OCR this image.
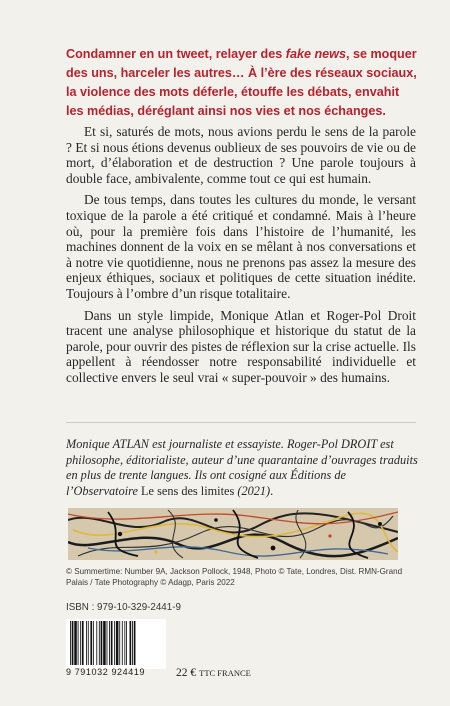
Condamner en un tweet, relayer des fake news, se moquer des uns, harceler les autres… À l’ère des réseaux sociaux, la violence des mots déferle, étouffe les débats, envahit les médias, déréglant ainsi nos vies et nos échanges.

Et si, saturés de mots, nous avions perdu le sens de la parole ? Et si nous étions devenus oublieux de ses pouvoirs de vie ou de mort, d’élaboration et de destruction ? Une parole toujours à double face, ambivalente, comme tout ce qui est humain.

De tous temps, dans toutes les cultures du monde, le versant toxique de la parole a été critiqué et condamné. Mais à l’heure où, pour la première fois dans l’histoire de l’humanité, les machines donnent de la voix en se mêlant à nos conversations et à notre vie quotidienne, nous ne prenons pas assez la mesure des enjeux éthiques, sociaux et politiques de cette situation inédite. Toujours à l’ombre d’un risque totalitaire.

Dans un style limpide, Monique Atlan et Roger-Pol Droit tracent une analyse philosophique et historique du statut de la parole, pour ouvrir des pistes de réflexion sur la crise actuelle. Ils appellent à réendosser notre responsabilité individuelle et collective envers le seul vrai « super-pouvoir » des humains.

Monique ATLAN est journaliste et essayiste. Roger-Pol DROIT est philosophe, éditorialiste, auteur d’une quarantaine d’ouvrages traduits en plus de trente langues. Ils ont cosigné aux Éditions de l’Observatoire Le sens des limites (2021).
© Summertime: Number 9A, Jackson Pollock, 1948, Photo © Tate, Londres, Dist. RMN-Grand Palais / Tate Photography © Adagp, Paris 2022
ISBN : 979-10-329-2441-9
9 791032 924419	22 € TTC FRANCE
